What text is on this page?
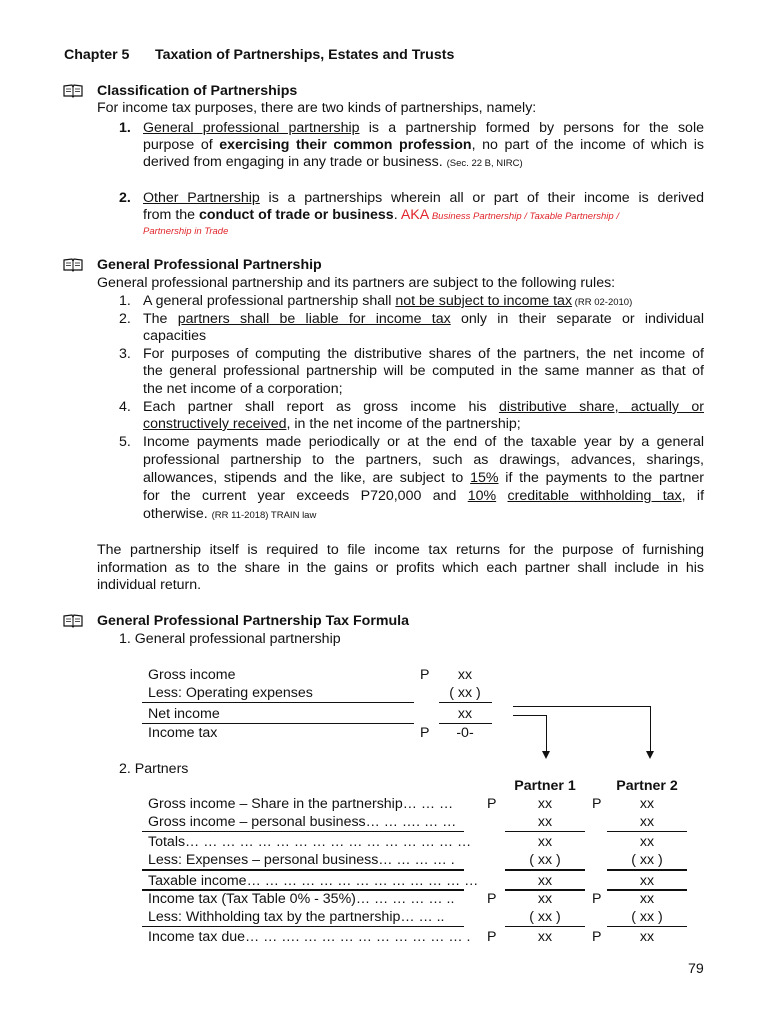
Chapter 5 Taxation of Partnerships, Estates and Trusts
Classification of Partnerships
For income tax purposes, there are two kinds of partnerships, namely:
1. General professional partnership is a partnership formed by persons for the sole
purpose of exercising their common profession, no part of the income of which is
derived from engaging in any trade or business. (Sec. 22 B, NIRC)
2. Other Partnership is a partnerships wherein all or part of their income is derived
from the conduct of trade or business. AKA Business Partnership / Taxable Partnership /
Partnership in Trade
General Professional Partnership
General professional partnership and its partners are subject to the following rules:
1. A general professional partnership shall not be subject to income tax (RR 02-2010)
2. The partners shall be liable for income tax only in their separate or individual
capacities
3. For purposes of computing the distributive shares of the partners, the net income of
the general professional partnership will be computed in the same manner as that of
the net income of a corporation;
4. Each partner shall report as gross income his distributive share, actually or
constructively received, in the net income of the partnership;
5. Income payments made periodically or at the end of the taxable year by a general
professional partnership to the partners, such as drawings, advances, sharings,
allowances, stipends and the like, are subject to 15% if the payments to the partner
for the current year exceeds P720,000 and 10% creditable withholding tax, if
otherwise. (RR 11-2018) TRAIN law
The partnership itself is required to file income tax returns for the purpose of furnishing
information as to the share in the gains or profits which each partner shall include in his
individual return.
General Professional Partnership Tax Formula
1. General professional partnership
Gross income	P	xx
Less: Operating expenses	( xx )
Net income	xx
Income tax	P	-0-
2. Partners
Partner 1	Partner 2
Gross income – Share in the partnership… … … P	xx	P	xx
Gross income – personal business… … …. … …	xx	xx
Totals… … … … … … … … … … … … … … … …	xx	xx
Less: Expenses – personal business… … … … .	( xx )	( xx )
Taxable income… … … … … … … … … … … … …	xx	xx
Income tax (Tax Table 0% - 35%)… … … … … .. P	xx	P	xx
Less: Withholding tax by the partnership… … ..	( xx )	( xx )
Income tax due… … …. … … … … … … … … … . P	xx	P	xx
79
